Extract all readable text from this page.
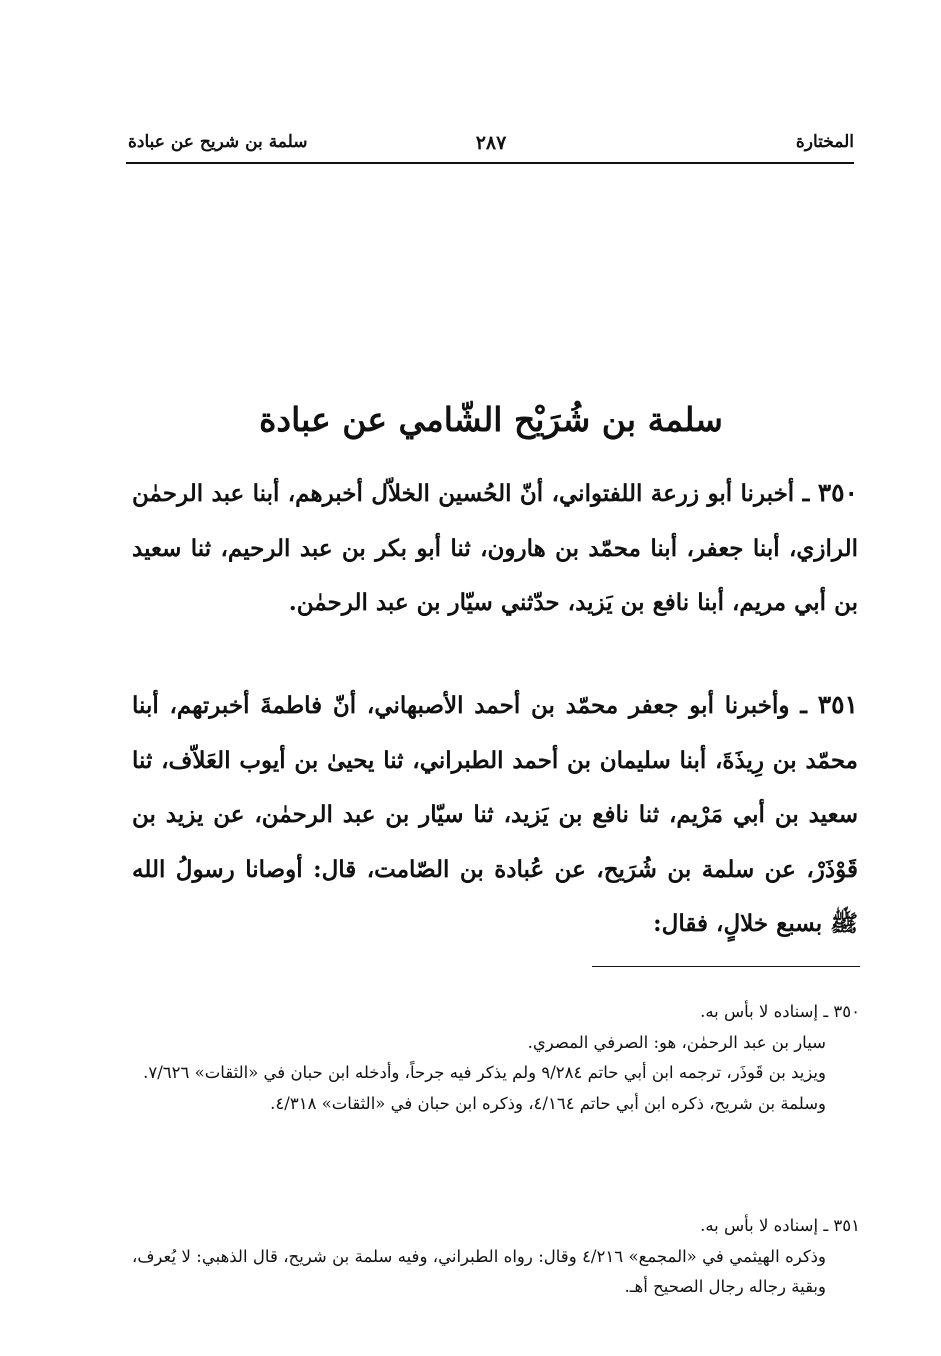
المختارة
٢٨٧
سلمة بن شريح عن عبادة
سلمة بن شُرَيْح الشّامي عن عبادة

٣٥٠ ـ أخبرنا أبو زرعة اللفتواني، أنّ الحُسين الخلاّل أخبرهم، أبنا عبد الرحمٰن الرازي، أبنا جعفر، أبنا محمّد بن هارون، ثنا أبو بكر بن عبد الرحيم، ثنا سعيد بن أبي مريم، أبنا نافع بن يَزيد، حدّثني سيّار بن عبد الرحمٰن.

٣٥١ ـ وأخبرنا أبو جعفر محمّد بن أحمد الأصبهاني، أنّ فاطمةَ أخبرتهم، أبنا محمّد بن رِيذَةَ، أبنا سليمان بن أحمد الطبراني، ثنا يحيىٰ بن أيوب العَلاّف، ثنا سعيد بن أبي مَرْيم، ثنا نافع بن يَزيد، ثنا سيّار بن عبد الرحمٰن، عن يزيد بن قَوْذَرْ، عن سلمة بن شُرَيح، عن عُبادة بن الصّامت، قال: أوصانا رسولُ الله ﷺ بسبع خلالٍ، فقال:

٣٥٠ ـ إسناده لا بأس به.
سيار بن عبد الرحمٰن، هو: الصرفي المصري.
ويزيد بن قَوذَر، ترجمه ابن أبي حاتم ٩/٢٨٤ ولم يذكر فيه جرحاً، وأدخله ابن حبان في «الثقات» ٧/٦٢٦.
وسلمة بن شريح، ذكره ابن أبي حاتم ٤/١٦٤، وذكره ابن حبان في «الثقات» ٤/٣١٨.
٣٥١ ـ إسناده لا بأس به.
وذكره الهيثمي في «المجمع» ٤/٢١٦ وقال: رواه الطبراني، وفيه سلمة بن شريح، قال الذهبي: لا يُعرف، وبقية رجاله رجال الصحيح أهـ.
